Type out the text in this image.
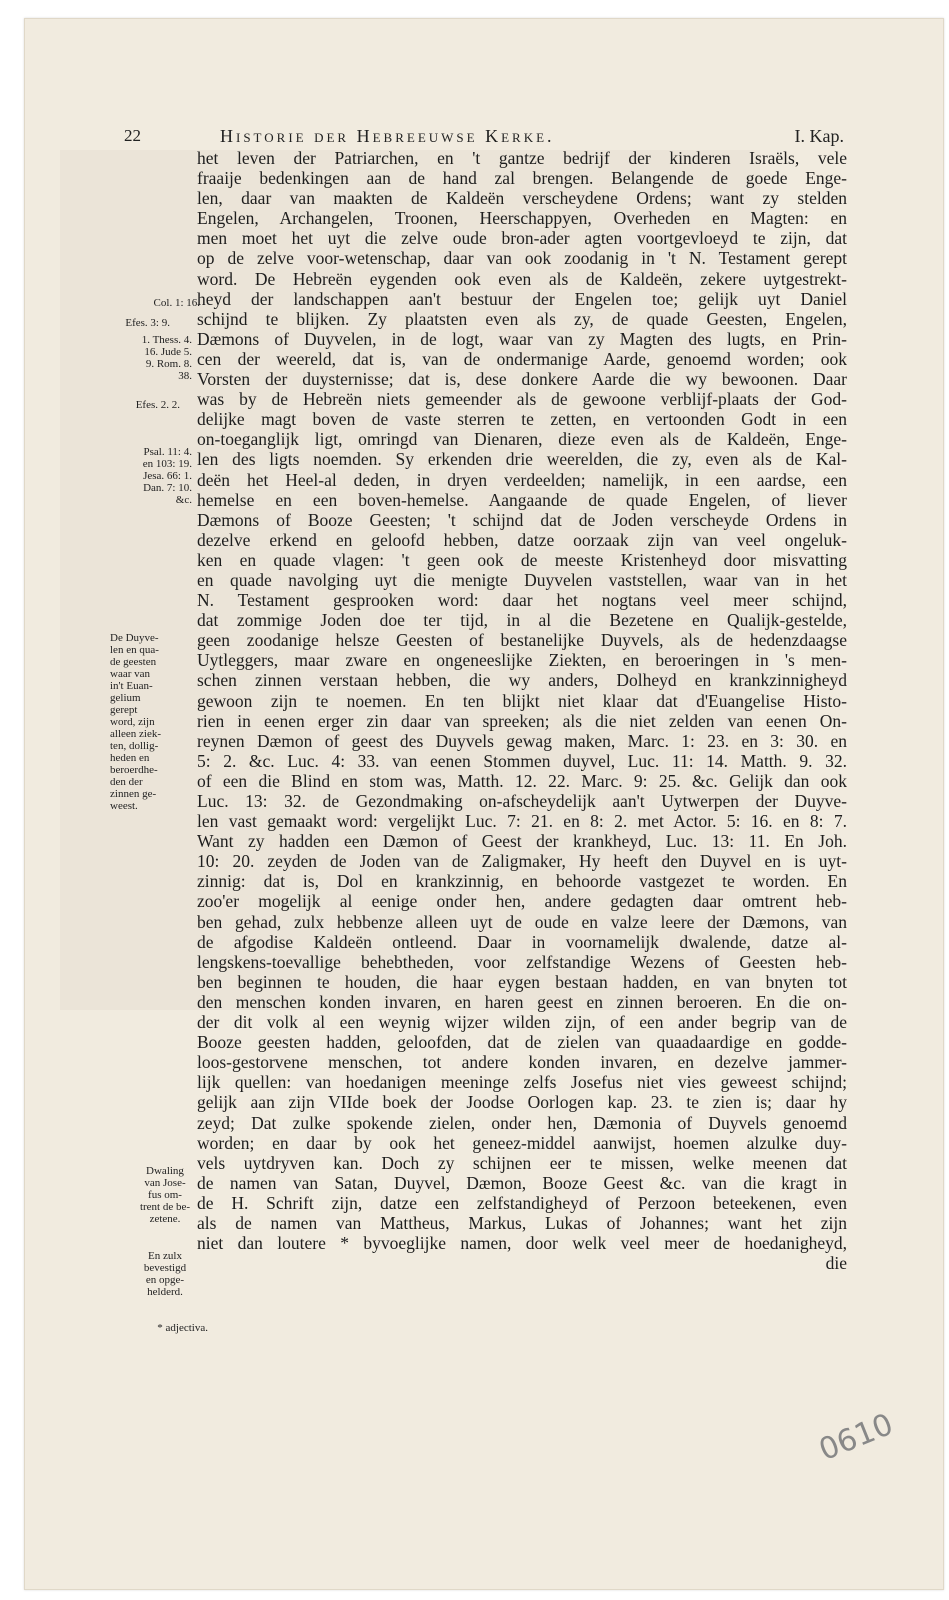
22	Historie der Hebreeuwse Kerke.	I. Kap.
het leven der Patriarchen, en 't gantze bedrijf der kinderen Israëls, vele
fraaije bedenkingen aan de hand zal brengen. Belangende de goede Enge-
len, daar van maakten de Kaldeën verscheydene Ordens; want zy stelden
Engelen, Archangelen, Troonen, Heerschappyen, Overheden en Magten: en
men moet het uyt die zelve oude bron-ader agten voortgevloeyd te zijn, dat
op de zelve voor-wetenschap, daar van ook zoodanig in 't N. Testament gerept
word. De Hebreën eygenden ook even als de Kaldeën, zekere uytgestrekt-
heyd der landschappen aan't bestuur der Engelen toe; gelijk uyt Daniel
schijnd te blijken. Zy plaatsten even als zy, de quade Geesten, Engelen,
Dæmons of Duyvelen, in de logt, waar van zy Magten des lugts, en Prin-
cen der weereld, dat is, van de ondermanige Aarde, genoemd worden; ook
Vorsten der duysternisse; dat is, dese donkere Aarde die wy bewoonen. Daar
was by de Hebreën niets gemeender als de gewoone verblijf-plaats der God-
delijke magt boven de vaste sterren te zetten, en vertoonden Godt in een
on-toeganglijk ligt, omringd van Dienaren, dieze even als de Kaldeën, Enge-
len des ligts noemden. Sy erkenden drie weerelden, die zy, even als de Kal-
deën het Heel-al deden, in dryen verdeelden; namelijk, in een aardse, een
hemelse en een boven-hemelse. Aangaande de quade Engelen, of liever
Dæmons of Booze Geesten; 't schijnd dat de Joden verscheyde Ordens in
dezelve erkend en geloofd hebben, datze oorzaak zijn van veel ongeluk-
ken en quade vlagen: 't geen ook de meeste Kristenheyd door misvatting
en quade navolging uyt die menigte Duyvelen vaststellen, waar van in het
N. Testament gesprooken word: daar het nogtans veel meer schijnd,
dat zommige Joden doe ter tijd, in al die Bezetene en Qualijk-gestelde,
geen zoodanige helsze Geesten of bestanelijke Duyvels, als de hedenzdaagse
Uytleggers, maar zware en ongeneeslijke Ziekten, en beroeringen in 's men-
schen zinnen verstaan hebben, die wy anders, Dolheyd en krankzinnigheyd
gewoon zijn te noemen. En ten blijkt niet klaar dat d'Euangelise Histo-
rien in eenen erger zin daar van spreeken; als die niet zelden van eenen On-
reynen Dæmon of geest des Duyvels gewag maken, Marc. 1: 23. en 3: 30. en
5: 2. &c. Luc. 4: 33. van eenen Stommen duyvel, Luc. 11: 14. Matth. 9. 32.
of een die Blind en stom was, Matth. 12. 22. Marc. 9: 25. &c. Gelijk dan ook
Luc. 13: 32. de Gezondmaking on-afscheydelijk aan't Uytwerpen der Duyve-
len vast gemaakt word: vergelijkt Luc. 7: 21. en 8: 2. met Actor. 5: 16. en 8: 7.
Want zy hadden een Dæmon of Geest der krankheyd, Luc. 13: 11. En Joh.
10: 20. zeyden de Joden van de Zaligmaker, Hy heeft den Duyvel en is uyt-
zinnig: dat is, Dol en krankzinnig, en behoorde vastgezet te worden. En
zoo'er mogelijk al eenige onder hen, andere gedagten daar omtrent heb-
ben gehad, zulx hebbenze alleen uyt de oude en valze leere der Dæmons, van
de afgodise Kaldeën ontleend. Daar in voornamelijk dwalende, datze al-
lengskens-toevallige behebtheden, voor zelfstandige Wezens of Geesten heb-
ben beginnen te houden, die haar eygen bestaan hadden, en van bnyten tot
den menschen konden invaren, en haren geest en zinnen beroeren. En die on-
der dit volk al een weynig wijzer wilden zijn, of een ander begrip van de
Booze geesten hadden, geloofden, dat de zielen van quaadaardige en godde-
loos-gestorvene menschen, tot andere konden invaren, en dezelve jammer-
lijk quellen: van hoedanigen meeninge zelfs Josefus niet vies geweest schijnd;
gelijk aan zijn VIIde boek der Joodse Oorlogen kap. 23. te zien is; daar hy
zeyd; Dat zulke spokende zielen, onder hen, Dæmonia of Duyvels genoemd
worden; en daar by ook het geneez-middel aanwijst, hoemen alzulke duy-
vels uytdryven kan. Doch zy schijnen eer te missen, welke meenen dat
de namen van Satan, Duyvel, Dæmon, Booze Geest &c. van die kragt in
de H. Schrift zijn, datze een zelfstandigheyd of Perzoon beteekenen, even
als de namen van Mattheus, Markus, Lukas of Johannes; want het zijn
niet dan loutere * byvoeglijke namen, door welk veel meer de hoedanigheyd,
die
Col. 1: 16.
Efes. 3: 9.
1. Thess. 4.
16. Jude 5.
9. Rom. 8.
38.
Efes. 2. 2.
Psal. 11: 4.
en 103: 19.
Jesa. 66: 1.
Dan. 7: 10.
&c.
De Duyve-
len en qua-
de geesten
waar van
in't Euan-
gelium
gerept
word, zijn
alleen ziek-
ten, dollig-
heden en
beroerdhe-
den der
zinnen ge-
weest.
Dwaling
van Jose-
fus om-
trent de be-
zetene.
En zulx
bevestigd
en opge-
helderd.
* adjectiva.
0610
